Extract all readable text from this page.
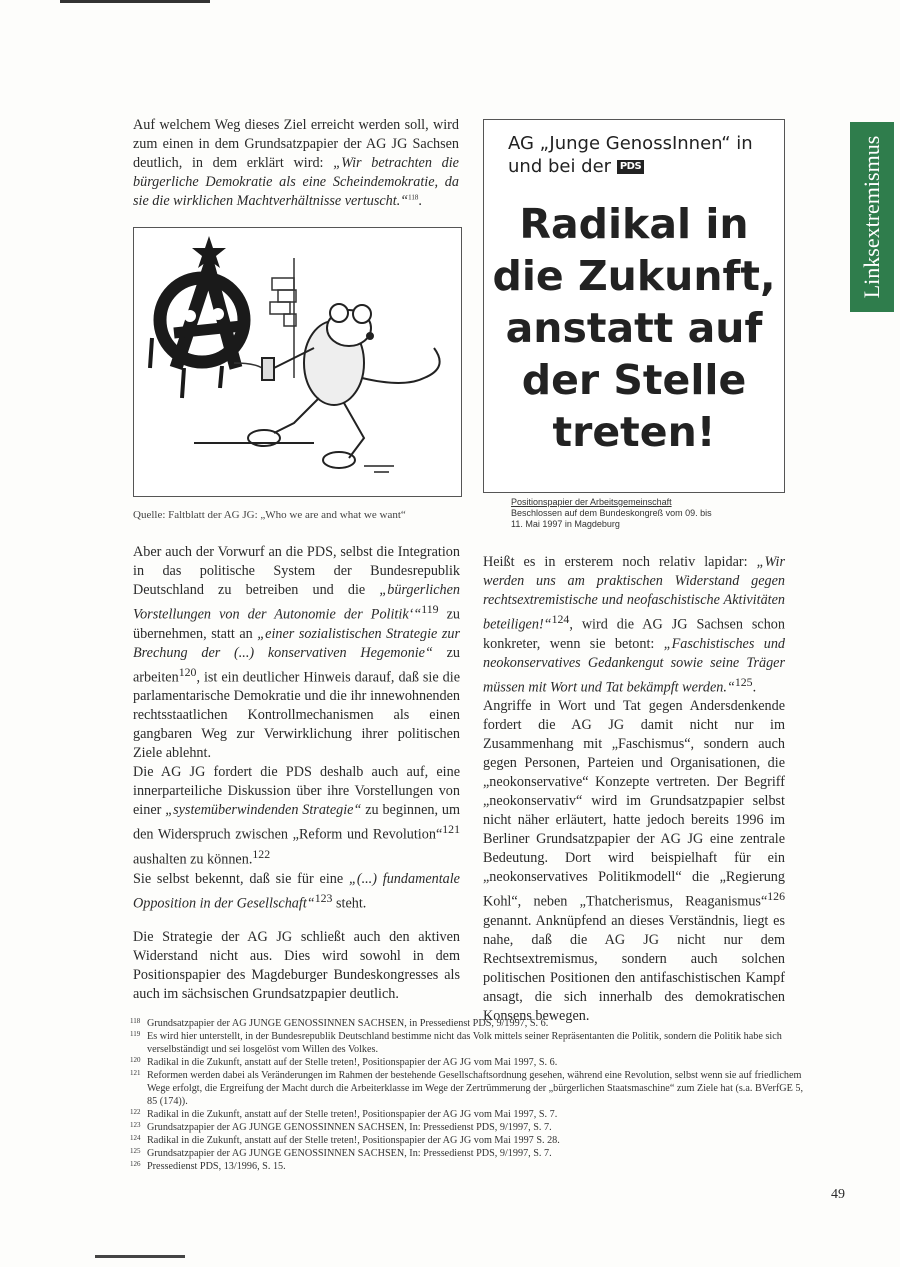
Linksextremismus

Auf welchem Weg dieses Ziel erreicht werden soll, wird zum einen in dem Grundsatzpapier der AG JG Sachsen deutlich, in dem erklärt wird: „Wir betrachten die bürgerliche Demokratie als eine Scheindemokratie, da sie die wirklichen Machtverhältnisse vertuscht.“$^{118}$.

Quelle: Faltblatt der AG JG: „Who we are and what we want“

Aber auch der Vorwurf an die PDS, selbst die Integration in das politische System der Bundesrepublik Deutschland zu betreiben und die „bürgerlichen Vorstellungen von der Autonomie der Politik‘“$^{119}$ zu übernehmen, statt an „einer sozialistischen Strategie zur Brechung der (...) konservativen Hegemonie“ zu arbeiten$^{120}$, ist ein deutlicher Hinweis darauf, daß sie die parlamentarische Demokratie und die ihr innewohnenden rechtsstaatlichen Kontrollmechanismen als einen gangbaren Weg zur Verwirklichung ihrer politischen Ziele ablehnt.

Die AG JG fordert die PDS deshalb auch auf, eine innerparteiliche Diskussion über ihre Vorstellungen von einer „systemüberwindenden Strategie“ zu beginnen, um den Widerspruch zwischen „Reform und Revolution“$^{121}$ aushalten zu können.$^{122}$

Sie selbst bekennt, daß sie für eine „(...) fundamentale Opposition in der Gesellschaft“$^{123}$ steht.

Die Strategie der AG JG schließt auch den aktiven Widerstand nicht aus. Dies wird sowohl in dem Positionspapier des Magdeburger Bundeskongresses als auch im sächsischen Grundsatzpapier deutlich.

AG „Junge GenossInnen“ in und bei der PDS
Radikal in
die Zukunft,
anstatt auf
der Stelle
treten!
Positionspapier der Arbeitsgemeinschaft
Beschlossen auf dem Bundeskongreß vom 09. bis
11. Mai 1997 in Magdeburg

Heißt es in ersterem noch relativ lapidar: „Wir werden uns am praktischen Widerstand gegen rechtsextremistische und neofaschistische Aktivitäten beteiligen!“$^{124}$, wird die AG JG Sachsen schon konkreter, wenn sie betont: „Faschistisches und neokonservatives Gedankengut sowie seine Träger müssen mit Wort und Tat bekämpft werden.“$^{125}$.

Angriffe in Wort und Tat gegen Andersdenkende fordert die AG JG damit nicht nur im Zusammenhang mit „Faschismus“, sondern auch gegen Personen, Parteien und Organisationen, die „neokonservative“ Konzepte vertreten. Der Begriff „neokonservativ“ wird im Grundsatzpapier selbst nicht näher erläutert, hatte jedoch bereits 1996 im Berliner Grundsatzpapier der AG JG eine zentrale Bedeutung. Dort wird beispielhaft für ein „neokonservatives Politikmodell“ die „Regierung Kohl“, neben „Thatcherismus, Reaganismus“$^{126}$ genannt. Anknüpfend an dieses Verständnis, liegt es nahe, daß die AG JG nicht nur dem Rechtsextremismus, sondern auch solchen politischen Positionen den antifaschistischen Kampf ansagt, die sich innerhalb des demokratischen Konsens bewegen.

118 Grundsatzpapier der AG JUNGE GENOSSINNEN SACHSEN, in Pressedienst PDS, 9/1997, S. 6.
119 Es wird hier unterstellt, in der Bundesrepublik Deutschland bestimme nicht das Volk mittels seiner Repräsentanten die Politik, sondern die Politik habe sich verselbständigt und sei losgelöst vom Willen des Volkes.
120 Radikal in die Zukunft, anstatt auf der Stelle treten!, Positionspapier der AG JG vom Mai 1997, S. 6.
121 Reformen werden dabei als Veränderungen im Rahmen der bestehende Gesellschaftsordnung gesehen, während eine Revolution, selbst wenn sie auf friedlichem Wege erfolgt, die Ergreifung der Macht durch die Arbeiterklasse im Wege der Zertrümmerung der „bürgerlichen Staatsmaschine“ zum Ziele hat (s.a. BVerfGE 5, 85 (174)).
122 Radikal in die Zukunft, anstatt auf der Stelle treten!, Positionspapier der AG JG vom Mai 1997, S. 7.
123 Grundsatzpapier der AG JUNGE GENOSSINNEN SACHSEN, In: Pressedienst PDS, 9/1997, S. 7.
124 Radikal in die Zukunft, anstatt auf der Stelle treten!, Positionspapier der AG JG vom Mai 1997 S. 28.
125 Grundsatzpapier der AG JUNGE GENOSSINNEN SACHSEN, In: Pressedienst PDS, 9/1997, S. 7.
126 Pressedienst PDS, 13/1996, S. 15.
49
